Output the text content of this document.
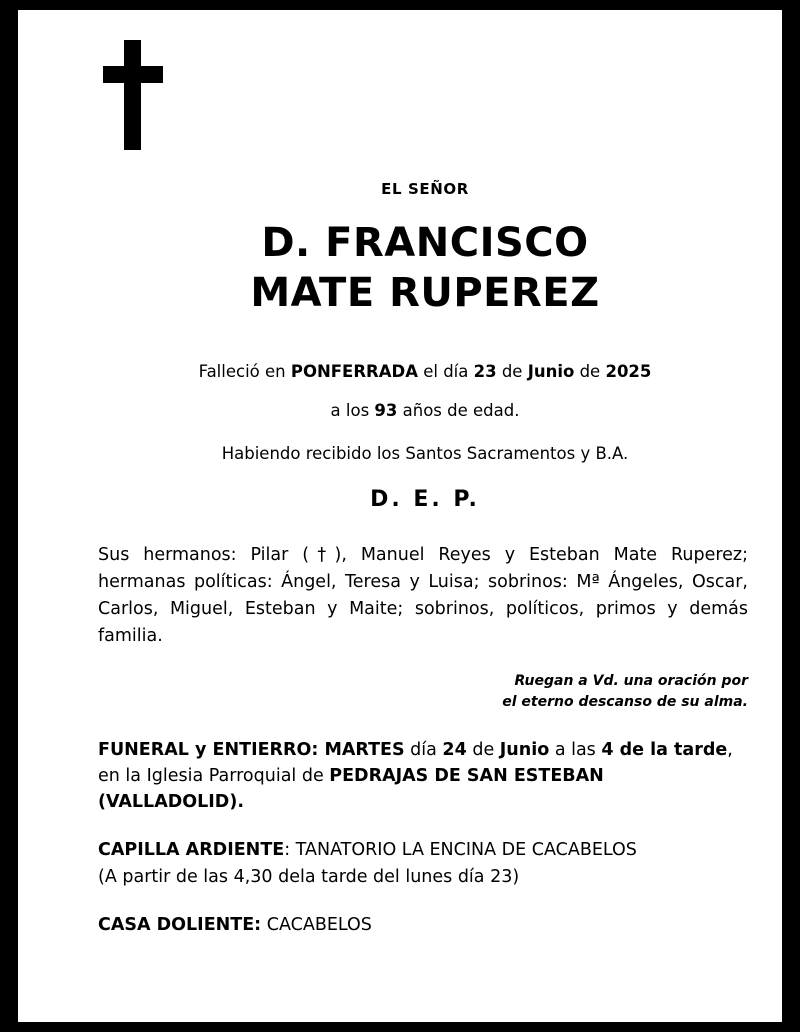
EL SEÑOR
D. FRANCISCO
MATE RUPEREZ
Falleció en PONFERRADA el día 23 de Junio de 2025
a los 93 años de edad.
Habiendo recibido los Santos Sacramentos y B.A.
D. E. P.
Sus hermanos: Pilar (†), Manuel Reyes y Esteban Mate Ruperez; hermanas políticas: Ángel, Teresa y Luisa; sobrinos: Mª Ángeles, Oscar, Carlos, Miguel, Esteban y Maite; sobrinos, políticos, primos y demás familia.
Ruegan a Vd. una oración por
el eterno descanso de su alma.
FUNERAL y ENTIERRO: MARTES día 24 de Junio a las 4 de la tarde, en la Iglesia Parroquial de PEDRAJAS DE SAN ESTEBAN (VALLADOLID).
CAPILLA ARDIENTE: TANATORIO LA ENCINA DE CACABELOS
(A partir de las 4,30 dela tarde del lunes día 23)
CASA DOLIENTE: CACABELOS
